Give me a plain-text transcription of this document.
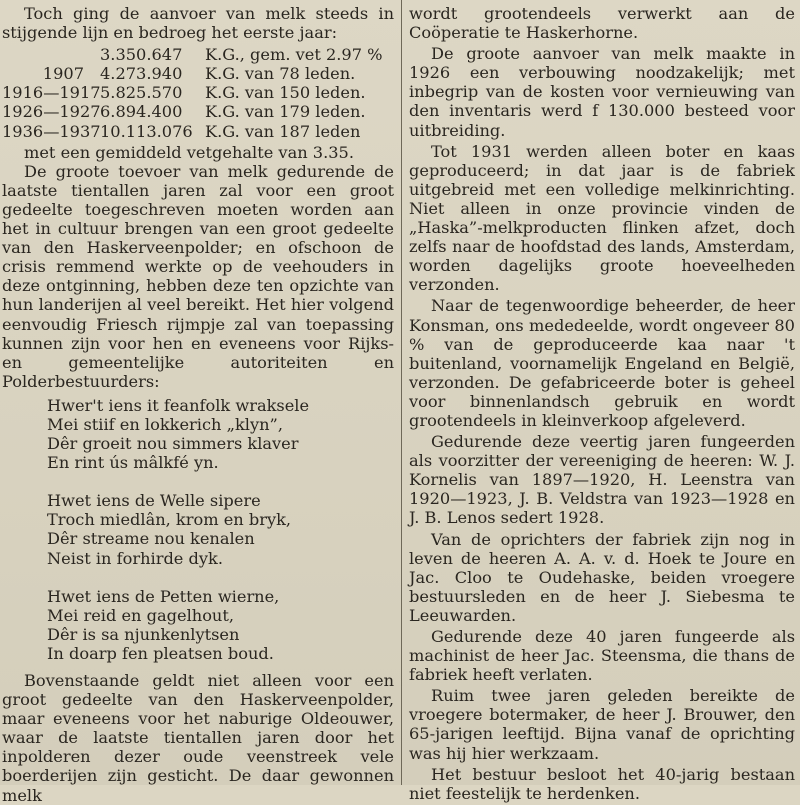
Toch ging de aanvoer van melk steeds in stijgende lijn en bedroeg het eerste jaar:

3.350.647	K.G., gem. vet 2.97 %
1907 4.273.940	K.G. van 78 leden.
1916—1917 5.825.570	K.G. van 150 leden.
1926—1927 6.894.400	K.G. van 179 leden.
1936—1937 10.113.076 K.G. van 187 leden

met een gemiddeld vetgehalte van 3.35.

De groote toevoer van melk gedurende de laatste tientallen jaren zal voor een groot gedeelte toegeschreven moeten worden aan het in cultuur brengen van een groot gedeelte van den Haskerveenpolder; en ofschoon de crisis remmend werkte op de veehouders in deze ontginning, hebben deze ten opzichte van hun landerijen al veel bereikt. Het hier volgend eenvoudig Friesch rijmpje zal van toepassing kunnen zijn voor hen en eveneens voor Rijks- en gemeentelijke autoriteiten en Polderbestuurders:

Hwer't iens it feanfolk wraksele
Mei stiif en lokkerich „klyn”,
Dêr groeit nou simmers klaver
En rint ús mâlkfé yn.
Hwet iens de Welle sipere
Troch miedlân, krom en bryk,
Dêr streame nou kenalen
Neist in forhirde dyk.
Hwet iens de Petten wierne,
Mei reid en gagelhout,
Dêr is sa njunkenlytsen
In doarp fen pleatsen boud.

Bovenstaande geldt niet alleen voor een groot gedeelte van den Haskerveenpolder, maar eveneens voor het naburige Oldeouwer, waar de laatste tientallen jaren door het inpolderen dezer oude veenstreek vele boerderijen zijn gesticht. De daar gewonnen melk

wordt grootendeels verwerkt aan de Coöperatie te Haskerhorne.

De groote aanvoer van melk maakte in 1926 een verbouwing noodzakelijk; met inbegrip van de kosten voor vernieuwing van den inventaris werd f 130.000 besteed voor uitbreiding.

Tot 1931 werden alleen boter en kaas geproduceerd; in dat jaar is de fabriek uitgebreid met een volledige melkinrichting. Niet alleen in onze provincie vinden de „Haska”-melkproducten flinken afzet, doch zelfs naar de hoofdstad des lands, Amsterdam, worden dagelijks groote hoeveelheden verzonden.

Naar de tegenwoordige beheerder, de heer Konsman, ons mededeelde, wordt ongeveer 80 % van de geproduceerde kaa naar 't buitenland, voornamelijk Engeland en België, verzonden. De gefabriceerde boter is geheel voor binnenlandsch gebruik en wordt grootendeels in kleinverkoop afgeleverd.

Gedurende deze veertig jaren fungeerden als voorzitter der vereeniging de heeren: W. J. Kornelis van 1897—1920, H. Leenstra van 1920—1923, J. B. Veldstra van 1923—1928 en J. B. Lenos sedert 1928.

Van de oprichters der fabriek zijn nog in leven de heeren A. A. v. d. Hoek te Joure en Jac. Cloo te Oudehaske, beiden vroegere bestuursleden en de heer J. Siebesma te Leeuwarden.

Gedurende deze 40 jaren fungeerde als machinist de heer Jac. Steensma, die thans de fabriek heeft verlaten.

Ruim twee jaren geleden bereikte de vroegere botermaker, de heer J. Brouwer, den 65-jarigen leeftijd. Bijna vanaf de oprichting was hij hier werkzaam.

Het bestuur besloot het 40-jarig bestaan niet feestelijk te herdenken.
